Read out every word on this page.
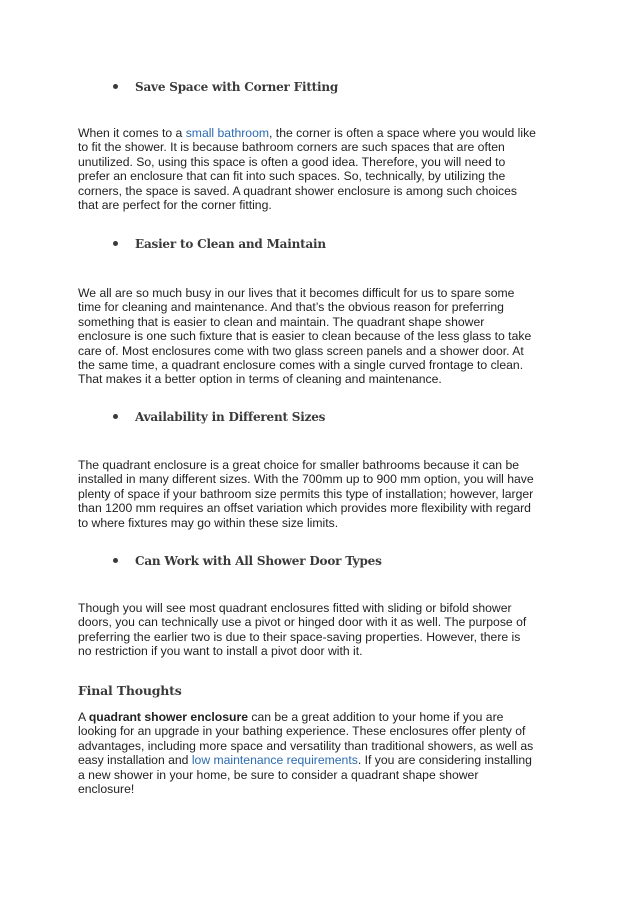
Save Space with Corner Fitting
When it comes to a small bathroom, the corner is often a space where you would like
to fit the shower. It is because bathroom corners are such spaces that are often
unutilized. So, using this space is often a good idea. Therefore, you will need to
prefer an enclosure that can fit into such spaces. So, technically, by utilizing the
corners, the space is saved. A quadrant shower enclosure is among such choices
that are perfect for the corner fitting.
Easier to Clean and Maintain
We all are so much busy in our lives that it becomes difficult for us to spare some
time for cleaning and maintenance. And that’s the obvious reason for preferring
something that is easier to clean and maintain. The quadrant shape shower
enclosure is one such fixture that is easier to clean because of the less glass to take
care of. Most enclosures come with two glass screen panels and a shower door. At
the same time, a quadrant enclosure comes with a single curved frontage to clean.
That makes it a better option in terms of cleaning and maintenance.
Availability in Different Sizes
The quadrant enclosure is a great choice for smaller bathrooms because it can be
installed in many different sizes. With the 700mm up to 900 mm option, you will have
plenty of space if your bathroom size permits this type of installation; however, larger
than 1200 mm requires an offset variation which provides more flexibility with regard
to where fixtures may go within these size limits.
Can Work with All Shower Door Types
Though you will see most quadrant enclosures fitted with sliding or bifold shower
doors, you can technically use a pivot or hinged door with it as well. The purpose of
preferring the earlier two is due to their space-saving properties. However, there is
no restriction if you want to install a pivot door with it.
Final Thoughts
A quadrant shower enclosure can be a great addition to your home if you are
looking for an upgrade in your bathing experience. These enclosures offer plenty of
advantages, including more space and versatility than traditional showers, as well as
easy installation and low maintenance requirements. If you are considering installing
a new shower in your home, be sure to consider a quadrant shape shower
enclosure!
